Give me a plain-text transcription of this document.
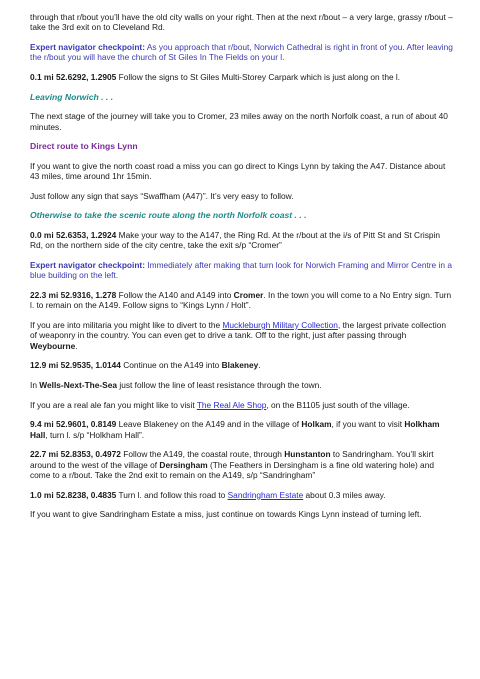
through that r/bout you’ll have the old city walls on your right. Then at the next r/bout – a very large, grassy r/bout – take the 3rd exit on to Cleveland Rd.

Expert navigator checkpoint: As you approach that r/bout, Norwich Cathedral is right in front of you. After leaving the r/bout you will have the church of St Giles In The Fields on your l.

0.1 mi 52.6292, 1.2905 Follow the signs to St Giles Multi-Storey Carpark which is just along on the l.

Leaving Norwich . . .

The next stage of the journey will take you to Cromer, 23 miles away on the north Norfolk coast, a run of about 40 minutes.

Direct route to Kings Lynn

If you want to give the north coast road a miss you can go direct to Kings Lynn by taking the A47. Distance about 43 miles, time around 1hr 15min.

Just follow any sign that says “Swaffham (A47)”. It’s very easy to follow.

Otherwise to take the scenic route along the north Norfolk coast . . .

0.0 mi 52.6353, 1.2924 Make your way to the A147, the Ring Rd. At the r/bout at the i/s of Pitt St and St Crispin Rd, on the northern side of the city centre, take the exit s/p “Cromer”

Expert navigator checkpoint: Immediately after making that turn look for Norwich Framing and Mirror Centre in a blue building on the left.

22.3 mi 52.9316, 1.278 Follow the A140 and A149 into Cromer. In the town you will come to a No Entry sign. Turn l. to remain on the A149. Follow signs to “Kings Lynn / Holt”.

If you are into militaria you might like to divert to the Muckleburgh Military Collection, the largest private collection of weaponry in the country. You can even get to drive a tank. Off to the right, just after passing through Weybourne.

12.9 mi 52.9535, 1.0144 Continue on the A149 into Blakeney.

In Wells-Next-The-Sea just follow the line of least resistance through the town.

If you are a real ale fan you might like to visit The Real Ale Shop, on the B1105 just south of the village.

9.4 mi 52.9601, 0.8149 Leave Blakeney on the A149 and in the village of Holkam, if you want to visit Holkham Hall, turn l. s/p “Holkham Hall”.

22.7 mi 52.8353, 0.4972 Follow the A149, the coastal route, through Hunstanton to Sandringham. You’ll skirt around to the west of the village of Dersingham (The Feathers in Dersingham is a fine old watering hole) and come to a r/bout. Take the 2nd exit to remain on the A149, s/p “Sandringham”

1.0 mi 52.8238, 0.4835 Turn l. and follow this road to Sandringham Estate about 0.3 miles away.

If you want to give Sandringham Estate a miss, just continue on towards Kings Lynn instead of turning left.
